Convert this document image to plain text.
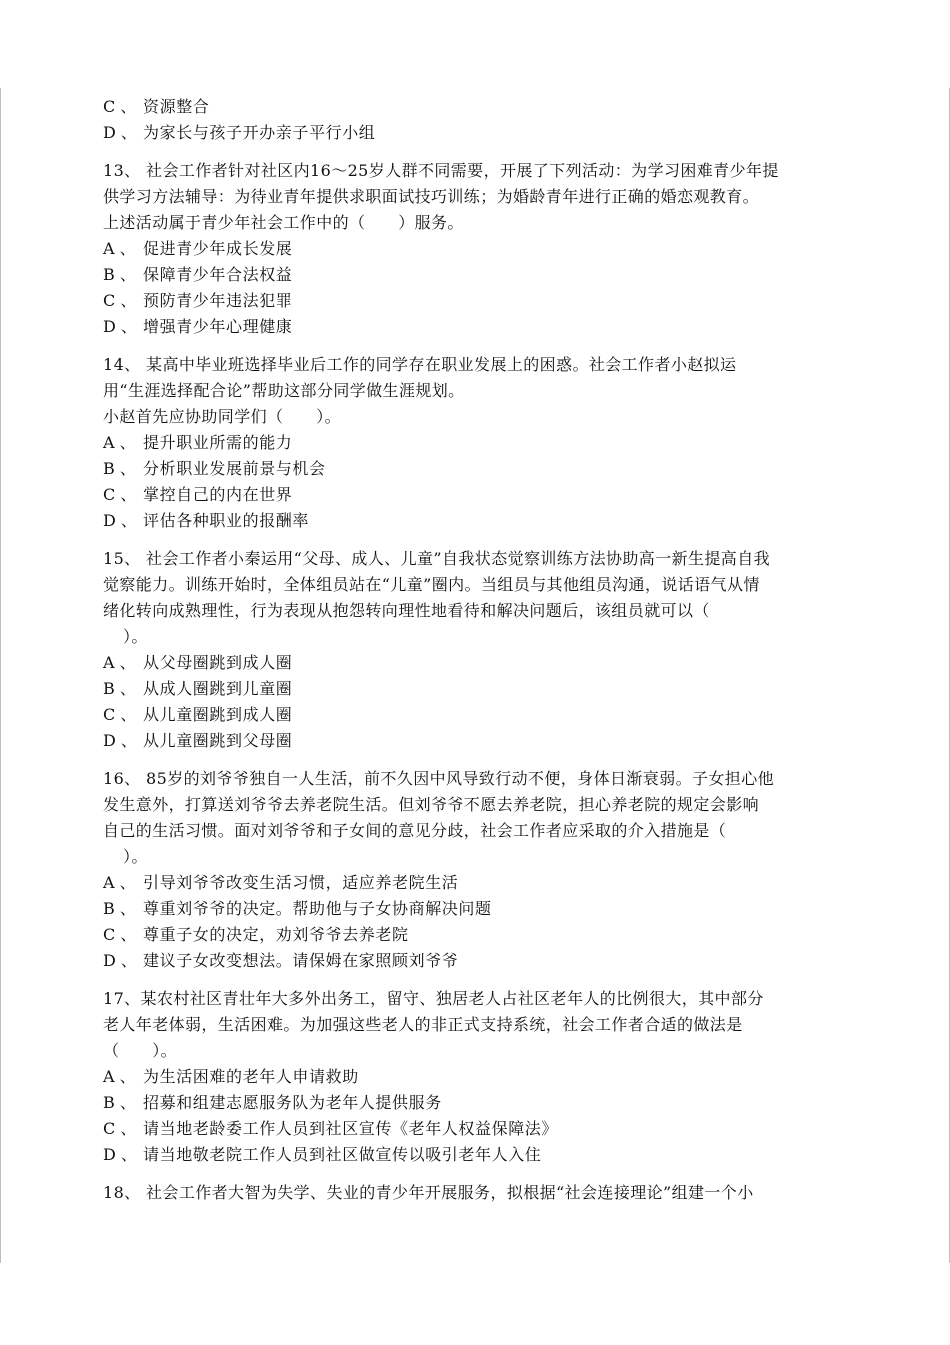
C 、 资源整合
D 、 为家长与孩子开办亲子平行小组
13、 社会工作者针对社区内16～25岁人群不同需要，开展了下列活动：为学习困难青少年提
供学习方法辅导：为待业青年提供求职面试技巧训练；为婚龄青年进行正确的婚恋观教育。
上述活动属于青少年社会工作中的（　　）服务。
A 、 促进青少年成长发展
B 、 保障青少年合法权益
C 、 预防青少年违法犯罪
D 、 增强青少年心理健康
14、 某高中毕业班选择毕业后工作的同学存在职业发展上的困惑。社会工作者小赵拟运
用“生涯选择配合论”帮助这部分同学做生涯规划。
小赵首先应协助同学们（　　）。
A 、 提升职业所需的能力
B 、 分析职业发展前景与机会
C 、 掌控自己的内在世界
D 、 评估各种职业的报酬率
15、 社会工作者小秦运用“父母、成人、儿童”自我状态觉察训练方法协助高一新生提高自我
觉察能力。训练开始时，全体组员站在“儿童”圈内。当组员与其他组员沟通，说话语气从情
绪化转向成熟理性，行为表现从抱怨转向理性地看待和解决问题后，该组员就可以（
）。
A 、 从父母圈跳到成人圈
B 、 从成人圈跳到儿童圈
C 、 从儿童圈跳到成人圈
D 、 从儿童圈跳到父母圈
16、 85岁的刘爷爷独自一人生活，前不久因中风导致行动不便，身体日渐衰弱。子女担心他
发生意外，打算送刘爷爷去养老院生活。但刘爷爷不愿去养老院，担心养老院的规定会影响
自己的生活习惯。面对刘爷爷和子女间的意见分歧，社会工作者应采取的介入措施是（
）。
A 、 引导刘爷爷改变生活习惯，适应养老院生活
B 、 尊重刘爷爷的决定。帮助他与子女协商解决问题
C 、 尊重子女的决定，劝刘爷爷去养老院
D 、 建议子女改变想法。请保姆在家照顾刘爷爷
17、某农村社区青壮年大多外出务工，留守、独居老人占社区老年人的比例很大，其中部分
老人年老体弱，生活困难。为加强这些老人的非正式支持系统，社会工作者合适的做法是
（　　）。
A 、 为生活困难的老年人申请救助
B 、 招募和组建志愿服务队为老年人提供服务
C 、 请当地老龄委工作人员到社区宣传《老年人权益保障法》
D 、 请当地敬老院工作人员到社区做宣传以吸引老年人入住
18、 社会工作者大智为失学、失业的青少年开展服务，拟根据“社会连接理论”组建一个小
